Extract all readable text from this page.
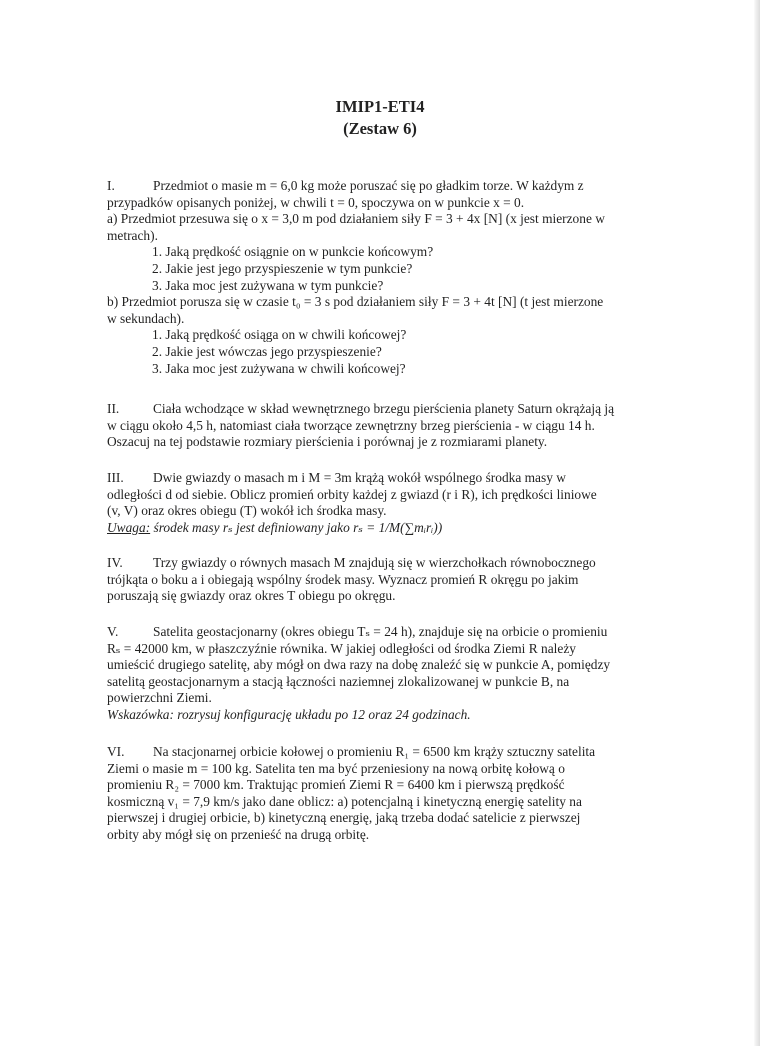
IMIP1-ETI4
(Zestaw 6)
I.	Przedmiot o masie m = 6,0 kg może poruszać się po gładkim torze. W każdym z
przypadków opisanych poniżej, w chwili t = 0, spoczywa on w punkcie x = 0.
a) Przedmiot przesuwa się o x = 3,0 m pod działaniem siły F = 3 + 4x [N] (x jest mierzone w
metrach).
1. Jaką prędkość osiągnie on w punkcie końcowym?
2. Jakie jest jego przyspieszenie w tym punkcie?
3. Jaka moc jest zużywana w tym punkcie?
b) Przedmiot porusza się w czasie t₀ = 3 s pod działaniem siły F = 3 + 4t [N] (t jest mierzone
w sekundach).
1. Jaką prędkość osiąga on w chwili końcowej?
2. Jakie jest wówczas jego przyspieszenie?
3. Jaka moc jest zużywana w chwili końcowej?
II.	Ciała wchodzące w skład wewnętrznego brzegu pierścienia planety Saturn okrążają ją
w ciągu około 4,5 h, natomiast ciała tworzące zewnętrzny brzeg pierścienia - w ciągu 14 h.
Oszacuj na tej podstawie rozmiary pierścienia i porównaj je z rozmiarami planety.
III. Dwie gwiazdy o masach m i M = 3m krążą wokół wspólnego środka masy w
odległości d od siebie. Oblicz promień orbity każdej z gwiazd (r i R), ich prędkości liniowe
(v, V) oraz okres obiegu (T) wokół ich środka masy.
Uwaga: środek masy rₛ jest definiowany jako rₛ = 1/M(∑mᵢrᵢ))
IV. Trzy gwiazdy o równych masach M znajdują się w wierzchołkach równobocznego
trójkąta o boku a i obiegają wspólny środek masy. Wyznacz promień R okręgu po jakim
poruszają się gwiazdy oraz okres T obiegu po okręgu.
V.	Satelita geostacjonarny (okres obiegu Tₛ = 24 h), znajduje się na orbicie o promieniu
Rₛ = 42000 km, w płaszczyźnie równika. W jakiej odległości od środka Ziemi R należy
umieścić drugiego satelitę, aby mógł on dwa razy na dobę znaleźć się w punkcie A, pomiędzy
satelitą geostacjonarnym a stacją łączności naziemnej zlokalizowanej w punkcie B, na
powierzchni Ziemi.
Wskazówka: rozrysuj konfigurację układu po 12 oraz 24 godzinach.
VI. Na stacjonarnej orbicie kołowej o promieniu R₁ = 6500 km krąży sztuczny satelita
Ziemi o masie m = 100 kg. Satelita ten ma być przeniesiony na nową orbitę kołową o
promieniu R₂ = 7000 km. Traktując promień Ziemi R = 6400 km i pierwszą prędkość
kosmiczną v₁ = 7,9 km/s jako dane oblicz: a) potencjalną i kinetyczną energię satelity na
pierwszej i drugiej orbicie, b) kinetyczną energię, jaką trzeba dodać satelicie z pierwszej
orbity aby mógł się on przenieść na drugą orbitę.
